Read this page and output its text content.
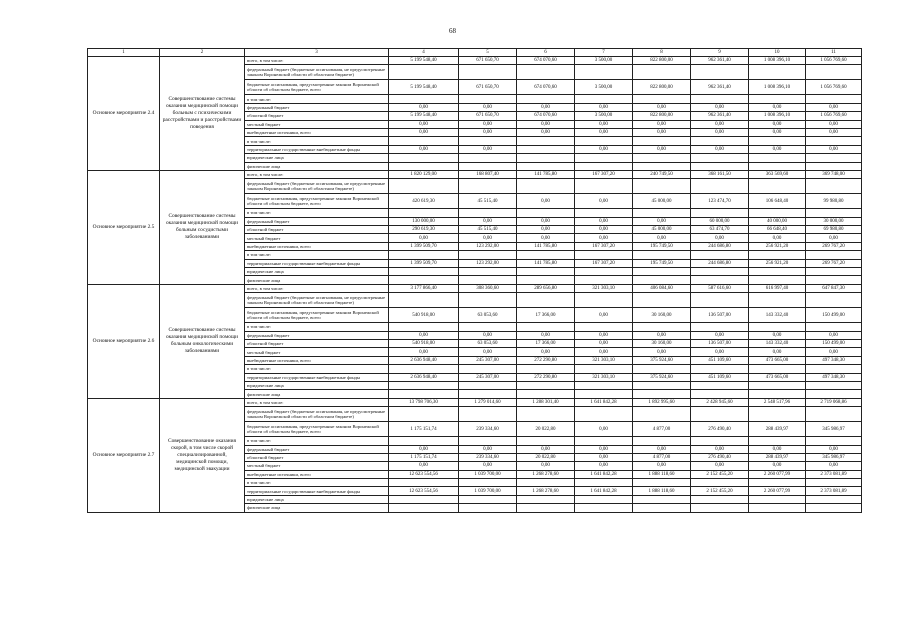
68
1	2	3	4	5	6	7	8	9	10	11
Основное мероприятие 2.4	Совершенствование системы оказания медицинской помощи больным с психическими расстройствами и расстройствами поведения	всего, в том числе:	5 199 548,40	671 650,70	674 070,60	3 500,00	822 800,00	962 361,40	1 008 396,10	1 056 769,60
		федеральный бюджет (бюджетные ассигнования, не предусмотренные законом Воронежской области об областном бюджете)								
		бюджетные ассигнования, предусмотренные законом Воронежской области об областном бюджете, всего	5 199 548,40	671 650,70	674 070,60	3 500,00	822 800,00	962 361,40	1 008 396,10	1 056 769,60
		в том числе:								
		федеральный бюджет	0,00	0,00	0,00	0,00	0,00	0,00	0,00	0,00
		областной бюджет	5 199 548,40	671 650,70	674 070,60	3 500,00	822 800,00	962 361,40	1 008 396,10	1 056 769,60
		местный бюджет	0,00	0,00	0,00	0,00	0,00	0,00	0,00	0,00
		внебюджетные источники, всего	0,00	0,00	0,00	0,00	0,00	0,00	0,00	0,00
		в том числе:								
		территориальные государственные внебюджетные фонды	0,00	0,00		0,00	0,00	0,00	0,00	0,00
		юридические лица								
		физические лица								
Основное мероприятие 2.5	Совершенствование системы оказания медицинской помощи больным сосудистыми заболеваниями	всего, в том числе:	1 820 129,00	168 807,40	141 785,80	167 307,20	240 749,50	368 161,50	363 569,60	369 748,00
		федеральный бюджет (бюджетные ассигнования, не предусмотренные законом Воронежской области об областном бюджете)								
		бюджетные ассигнования, предусмотренные законом Воронежской области об областном бюджете, всего	420 619,30	45 515,40	0,00	0,00	45 000,00	123 474,70	106 648,40	99 980,80
		в том числе:								
		федеральный бюджет	130 000,00	0,00	0,00	0,00	0,00	60 000,00	40 000,00	30 000,00
		областной бюджет	290 619,30	45 515,40	0,00	0,00	45 000,00	63 474,70	66 648,40	69 980,80
		местный бюджет	0,00	0,00	0,00	0,00	0,00	0,00	0,00	0,00
		внебюджетные источники, всего	1 399 509,70	123 292,00	141 785,80	167 307,20	195 749,50	244 686,80	256 921,20	269 767,20
		в том числе:								
		территориальные государственные внебюджетные фонды	1 399 509,70	123 292,00	141 785,80	167 307,20	195 749,50	244 686,80	256 921,20	269 767,20
		юридические лица								
		физические лица								
Основное мероприятие 2.6	Совершенствование системы оказания медицинской помощи больным онкологическими заболеваниями	всего, в том числе:	3 177 866,40	308 360,60	289 656,80	321 303,10	406 084,60	587 616,60	616 997,40	647 847,30
		федеральный бюджет (бюджетные ассигнования, не предусмотренные законом Воронежской области об областном бюджете)								
		бюджетные ассигнования, предусмотренные законом Воронежской области об областном бюджете, всего	540 918,00	63 053,60	17 366,00	0,00	30 160,00	136 507,00	143 332,40	150 499,00
		в том числе:								
		федеральный бюджет	0,00	0,00	0,00	0,00	0,00	0,00	0,00	0,00
		областной бюджет	540 918,00	63 053,60	17 366,00	0,00	30 160,00	136 507,00	143 332,40	150 499,00
		местный бюджет	0,00	0,00	0,00	0,00	0,00	0,00	0,00	0,00
		внебюджетные источники, всего	2 636 948,40	245 307,00	272 290,80	321 303,10	375 924,60	451 109,60	473 665,00	497 348,30
		в том числе:								
		территориальные государственные внебюджетные фонды	2 636 948,40	245 307,00	272 290,80	321 303,10	375 924,60	451 109,60	473 665,00	497 348,30
		юридические лица								
		физические лица								
Основное мероприятие 2.7	Совершенствование оказания скорой, в том числе скорой специализированной, медицинской помощи, медицинской эвакуации	всего, в том числе:	13 798 706,30	1 279 014,60	1 288 301,40	1 641 842,28	1 892 995,60	2 428 945,60	2 548 517,96	2 719 068,86
		федеральный бюджет (бюджетные ассигнования, не предусмотренные законом Воронежской области об областном бюджете)								
		бюджетные ассигнования, предусмотренные законом Воронежской области об областном бюджете, всего	1 175 151,74	239 334,60	20 022,80	0,00	4 877,00	276 490,40	288 439,97	345 986,97
		в том числе:								
		федеральный бюджет	0,00	0,00	0,00	0,00	0,00	0,00	0,00	0,00
		областной бюджет	1 175 151,74	239 334,60	20 022,80	0,00	4 877,00	276 490,40	288 439,97	345 986,97
		местный бюджет	0,00	0,00	0,00	0,00	0,00	0,00	0,00	0,00
		внебюджетные источники, всего	12 623 554,56	1 039 700,00	1 268 278,60	1 641 842,28	1 888 118,60	2 152 455,20	2 260 077,99	2 373 081,89
		в том числе:								
		территориальные государственные внебюджетные фонды	12 623 554,56	1 039 700,00	1 268 278,60	1 641 842,28	1 888 118,60	2 152 455,20	2 260 077,99	2 373 081,89
		юридические лица								
		физические лица								
